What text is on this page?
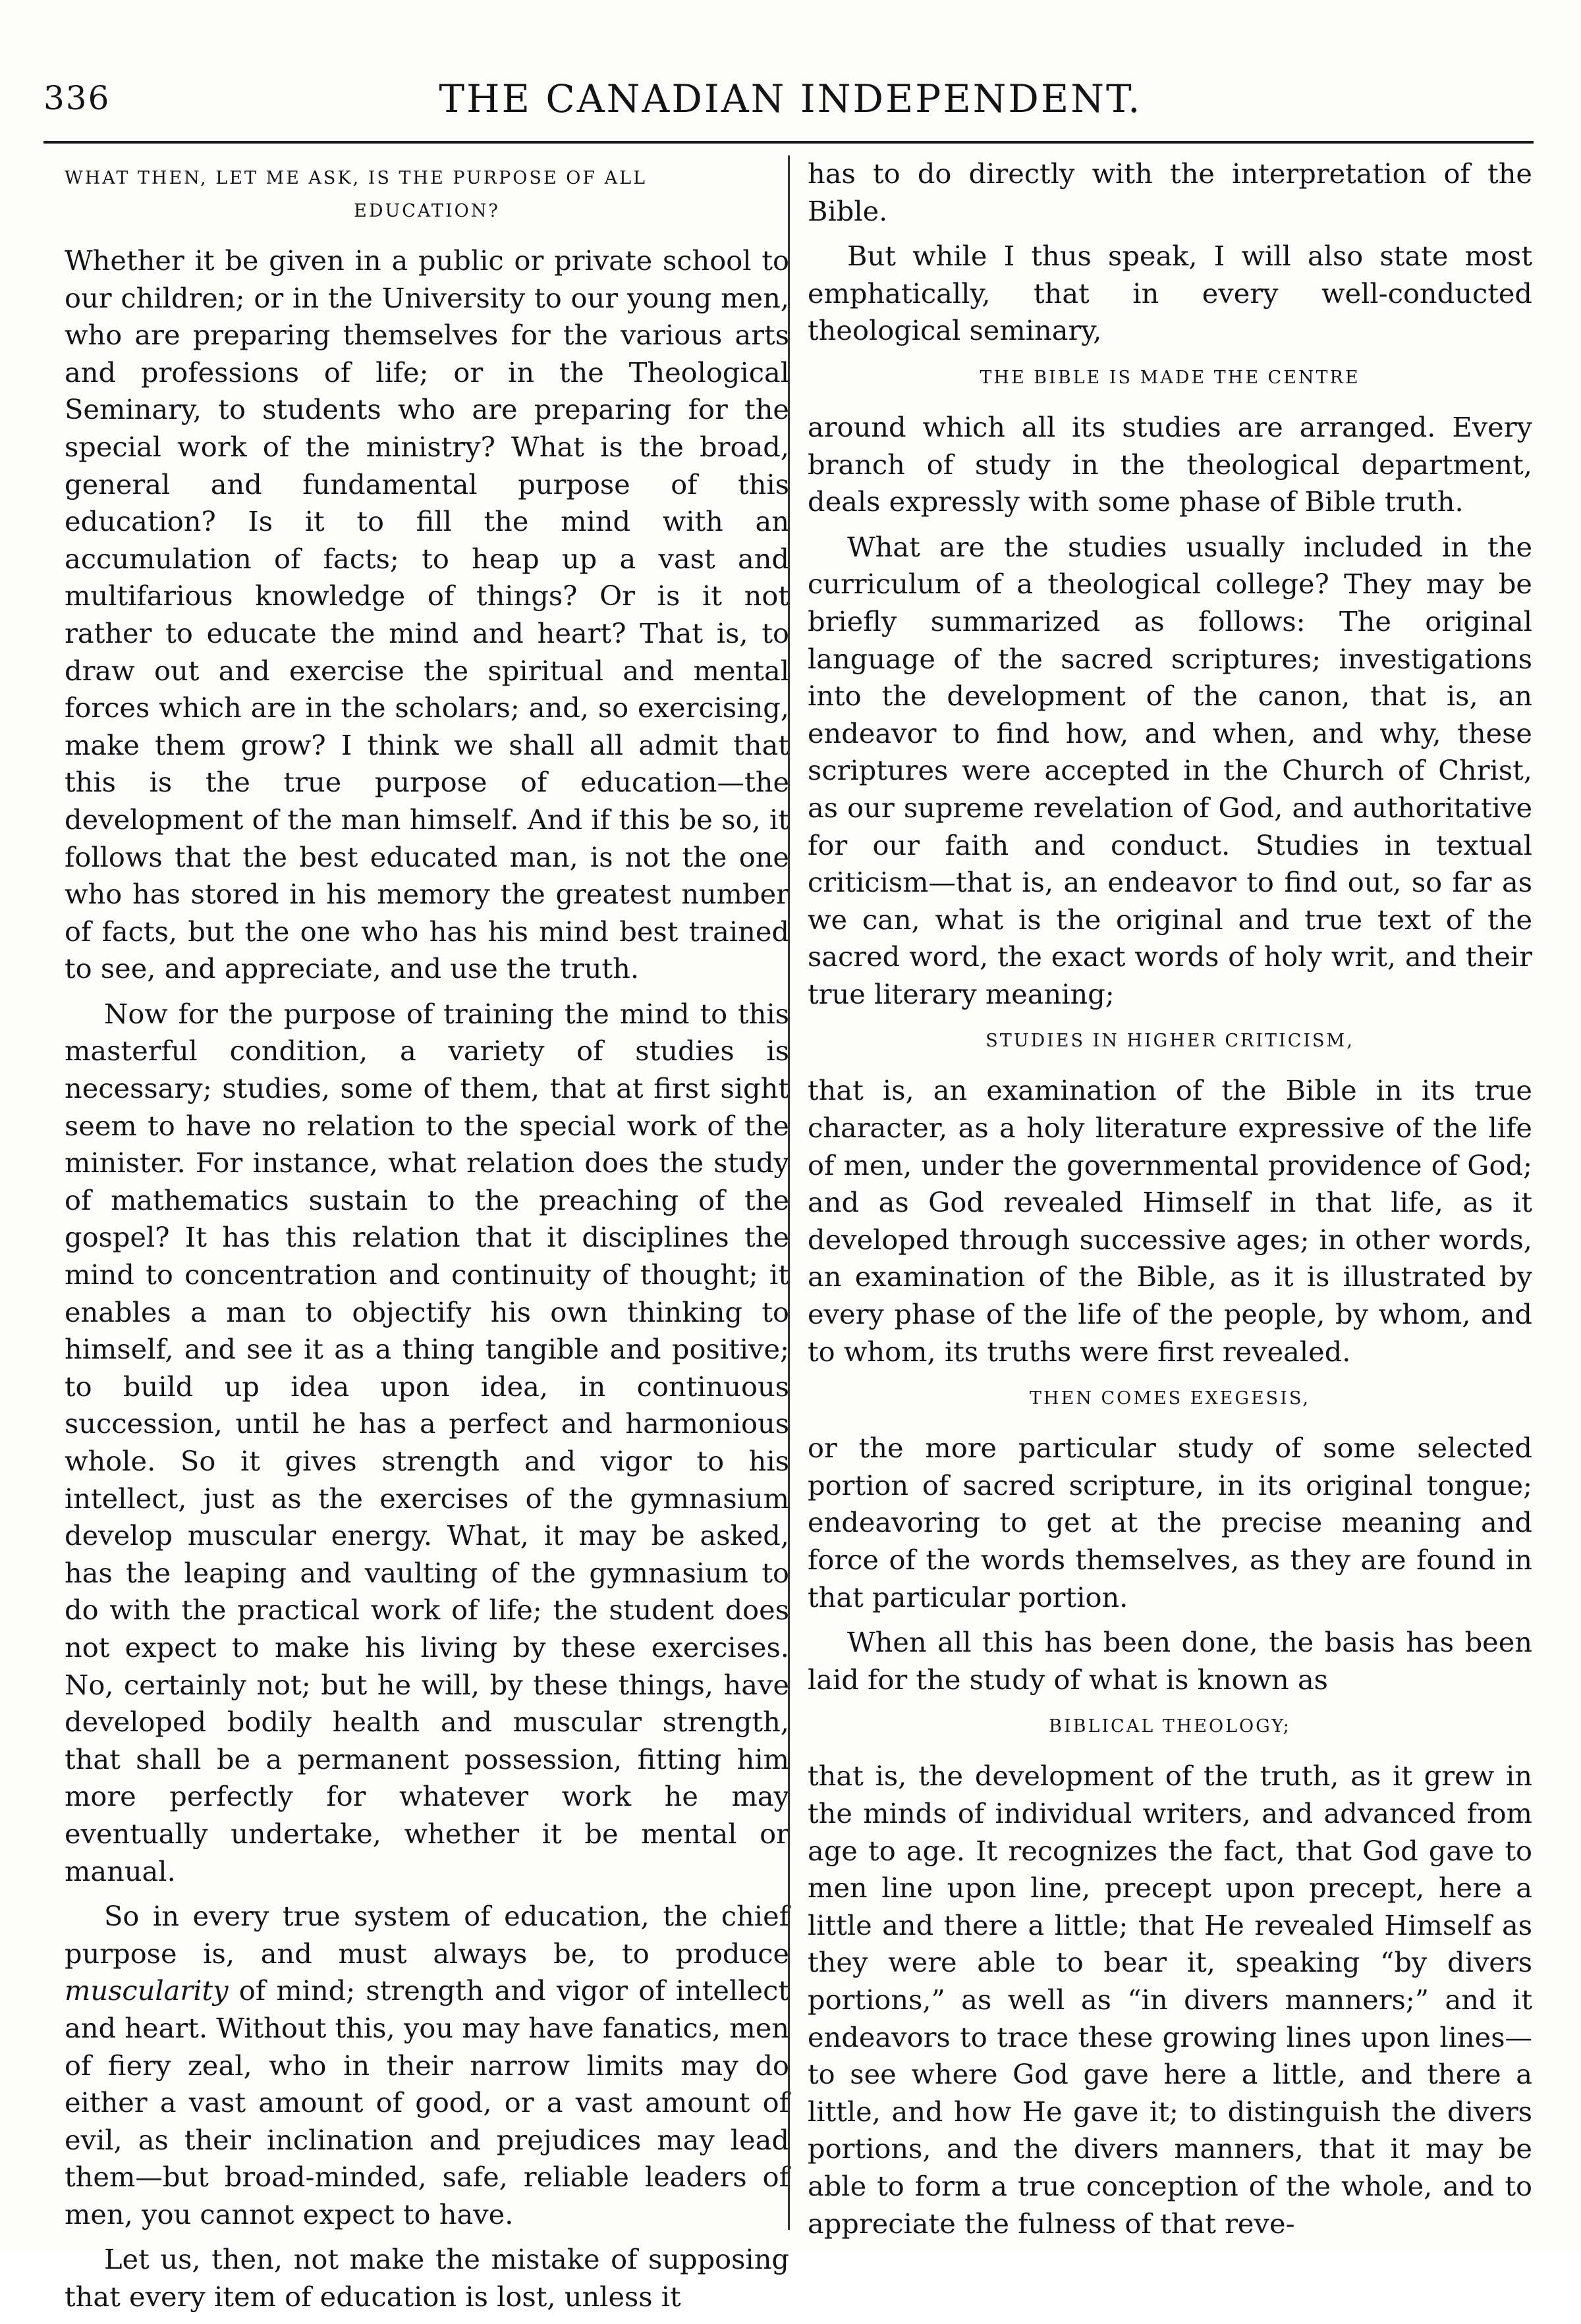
336	THE CANADIAN INDEPENDENT.
WHAT THEN, LET ME ASK, IS THE PURPOSE OF ALL
EDUCATION?

Whether it be given in a public or private school to our children; or in the University to our young men, who are preparing themselves for the various arts and professions of life; or in the Theological Seminary, to students who are preparing for the special work of the ministry? What is the broad, general and fundamental purpose of this education? Is it to fill the mind with an accumulation of facts; to heap up a vast and multifarious knowledge of things? Or is it not rather to educate the mind and heart? That is, to draw out and exercise the spiritual and mental forces which are in the scholars; and, so exercising, make them grow? I think we shall all admit that this is the true purpose of education—the development of the man himself. And if this be so, it follows that the best educated man, is not the one who has stored in his memory the greatest number of facts, but the one who has his mind best trained to see, and appreciate, and use the truth.

Now for the purpose of training the mind to this masterful condition, a variety of studies is necessary; studies, some of them, that at first sight seem to have no relation to the special work of the minister. For instance, what relation does the study of mathematics sustain to the preaching of the gospel? It has this relation that it disciplines the mind to concentration and continuity of thought; it enables a man to objectify his own thinking to himself, and see it as a thing tangible and positive; to build up idea upon idea, in continuous succession, until he has a perfect and harmonious whole. So it gives strength and vigor to his intellect, just as the exercises of the gymnasium develop muscular energy. What, it may be asked, has the leaping and vaulting of the gymnasium to do with the practical work of life; the student does not expect to make his living by these exercises. No, certainly not; but he will, by these things, have developed bodily health and muscular strength, that shall be a permanent possession, fitting him more perfectly for whatever work he may eventually undertake, whether it be mental or manual.

So in every true system of education, the chief purpose is, and must always be, to produce muscularity of mind; strength and vigor of intellect and heart. Without this, you may have fanatics, men of fiery zeal, who in their narrow limits may do either a vast amount of good, or a vast amount of evil, as their inclination and prejudices may lead them—but broad-minded, safe, reliable leaders of men, you cannot expect to have.

Let us, then, not make the mistake of supposing that every item of education is lost, unless it

has to do directly with the interpretation of the Bible.

But while I thus speak, I will also state most emphatically, that in every well-conducted theological seminary,

THE BIBLE IS MADE THE CENTRE

around which all its studies are arranged. Every branch of study in the theological department, deals expressly with some phase of Bible truth.

What are the studies usually included in the curriculum of a theological college? They may be briefly summarized as follows: The original language of the sacred scriptures; investigations into the development of the canon, that is, an endeavor to find how, and when, and why, these scriptures were accepted in the Church of Christ, as our supreme revelation of God, and authoritative for our faith and conduct. Studies in textual criticism—that is, an endeavor to find out, so far as we can, what is the original and true text of the sacred word, the exact words of holy writ, and their true literary meaning;

STUDIES IN HIGHER CRITICISM,

that is, an examination of the Bible in its true character, as a holy literature expressive of the life of men, under the governmental providence of God; and as God revealed Himself in that life, as it developed through successive ages; in other words, an examination of the Bible, as it is illustrated by every phase of the life of the people, by whom, and to whom, its truths were first revealed.

THEN COMES EXEGESIS,

or the more particular study of some selected portion of sacred scripture, in its original tongue; endeavoring to get at the precise meaning and force of the words themselves, as they are found in that particular portion.

When all this has been done, the basis has been laid for the study of what is known as

BIBLICAL THEOLOGY;

that is, the development of the truth, as it grew in the minds of individual writers, and advanced from age to age. It recognizes the fact, that God gave to men line upon line, precept upon precept, here a little and there a little; that He revealed Himself as they were able to bear it, speaking “by divers portions,” as well as “in divers manners;” and it endeavors to trace these growing lines upon lines—to see where God gave here a little, and there a little, and how He gave it; to distinguish the divers portions, and the divers manners, that it may be able to form a true conception of the whole, and to appreciate the fulness of that reve-
